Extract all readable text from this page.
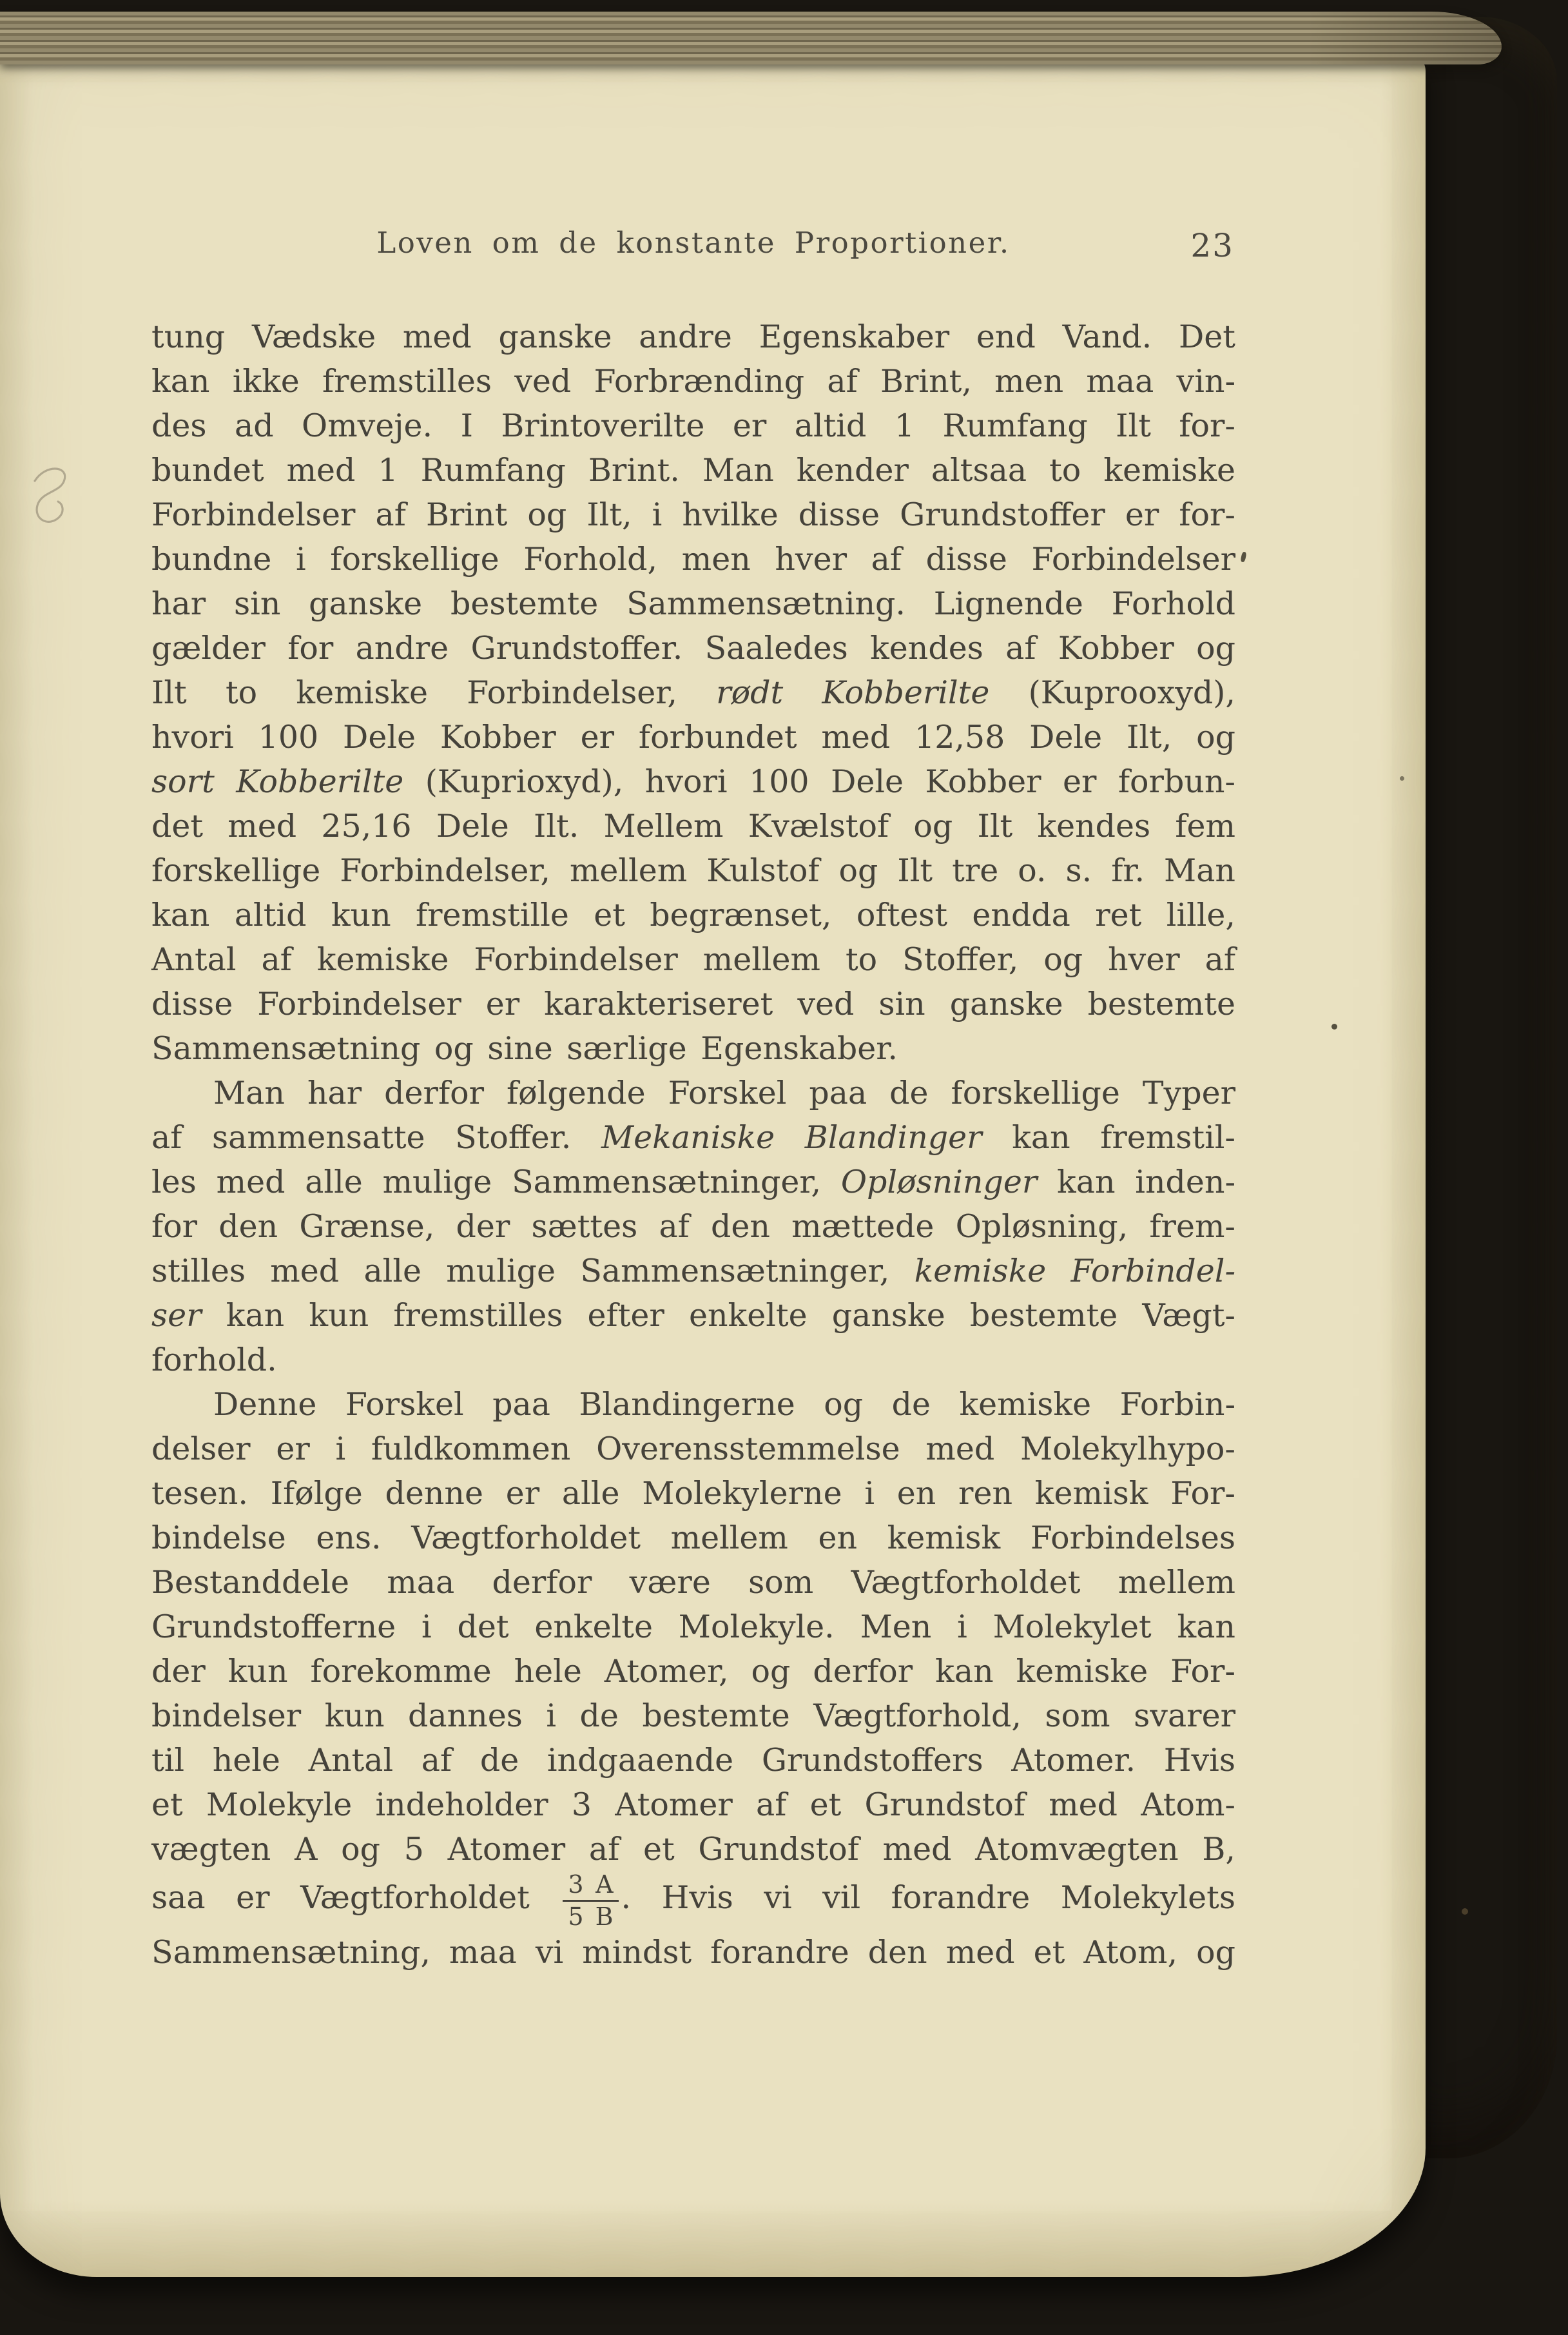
Loven om de konstante Proportioner.	23
tung Vædske med ganske andre Egenskaber end Vand. Det
kan ikke fremstilles ved Forbrænding af Brint, men maa vin-
des ad Omveje. I Brintoverilte er altid 1 Rumfang Ilt for-
bundet med 1 Rumfang Brint. Man kender altsaa to kemiske
Forbindelser af Brint og Ilt, i hvilke disse Grundstoffer er for-
bundne i forskellige Forhold, men hver af disse Forbindelser
har sin ganske bestemte Sammensætning. Lignende Forhold
gælder for andre Grundstoffer. Saaledes kendes af Kobber og
Ilt to kemiske Forbindelser, rødt Kobberilte (Kuprooxyd),
hvori 100 Dele Kobber er forbundet med 12,58 Dele Ilt, og
sort Kobberilte (Kuprioxyd), hvori 100 Dele Kobber er forbun-
det med 25,16 Dele Ilt. Mellem Kvælstof og Ilt kendes fem
forskellige Forbindelser, mellem Kulstof og Ilt tre o. s. fr. Man
kan altid kun fremstille et begrænset, oftest endda ret lille,
Antal af kemiske Forbindelser mellem to Stoffer, og hver af
disse Forbindelser er karakteriseret ved sin ganske bestemte
Sammensætning og sine særlige Egenskaber.
Man har derfor følgende Forskel paa de forskellige Typer
af sammensatte Stoffer. Mekaniske Blandinger kan fremstil-
les med alle mulige Sammensætninger, Opløsninger kan inden-
for den Grænse, der sættes af den mættede Opløsning, frem-
stilles med alle mulige Sammensætninger, kemiske Forbindel-
ser kan kun fremstilles efter enkelte ganske bestemte Vægt-
forhold.
Denne Forskel paa Blandingerne og de kemiske Forbin-
delser er i fuldkommen Overensstemmelse med Molekylhypo-
tesen. Ifølge denne er alle Molekylerne i en ren kemisk For-
bindelse ens. Vægtforholdet mellem en kemisk Forbindelses
Bestanddele maa derfor være som Vægtforholdet mellem
Grundstofferne i det enkelte Molekyle. Men i Molekylet kan
der kun forekomme hele Atomer, og derfor kan kemiske For-
bindelser kun dannes i de bestemte Vægtforhold, som svarer
til hele Antal af de indgaaende Grundstoffers Atomer. Hvis
et Molekyle indeholder 3 Atomer af et Grundstof med Atom-
vægten A og 5 Atomer af et Grundstof med Atomvægten B,
saa er Vægtforholdet $\frac{3 A}{5 B}$ . Hvis vi vil forandre Molekylets
Sammensætning, maa vi mindst forandre den med et Atom, og
